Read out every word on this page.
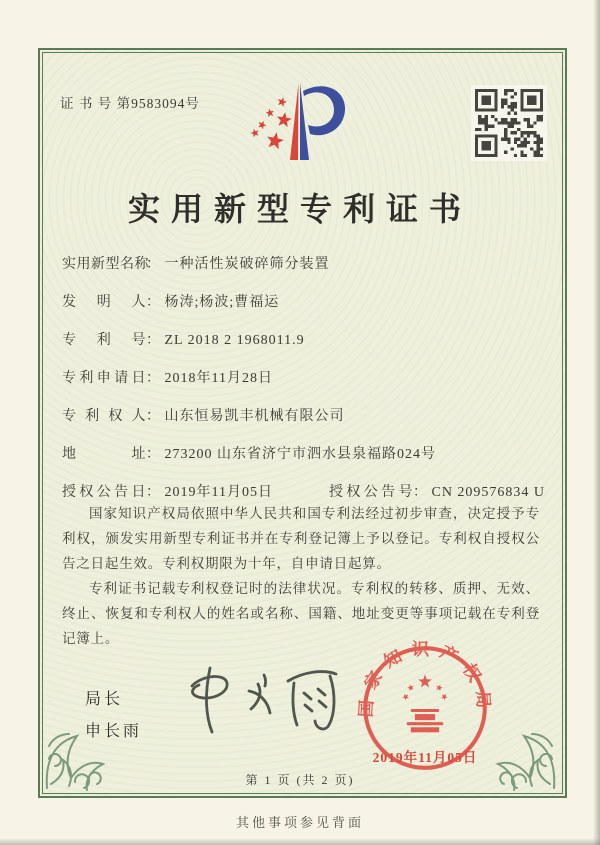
证 书 号 第9583094号
实用新型专利证书
实用新型名称： 一种活性炭破碎筛分装置
发明人： 杨涛;杨波;曹福运
专利号： ZL 2018 2 1968011.9
专利申请日： 2018年11月28日
专利权人： 山东恒易凯丰机械有限公司
地址： 273200 山东省济宁市泗水县泉福路024号
授权公告日： 2019年11月05日	授权公告号： CN 209576834 U

国家知识产权局依照中华人民共和国专利法经过初步审查，决定授予专利权，颁发实用新型专利证书并在专利登记簿上予以登记。专利权自授权公告之日起生效。专利权期限为十年，自申请日起算。

专利证书记载专利权登记时的法律状况。专利权的转移、质押、无效、终止、恢复和专利权人的姓名或名称、国籍、地址变更等事项记载在专利登记簿上。

局长
申长雨
国家知识产权局
2019年11月05日
第 1 页 (共 2 页)
其他事项参见背面
